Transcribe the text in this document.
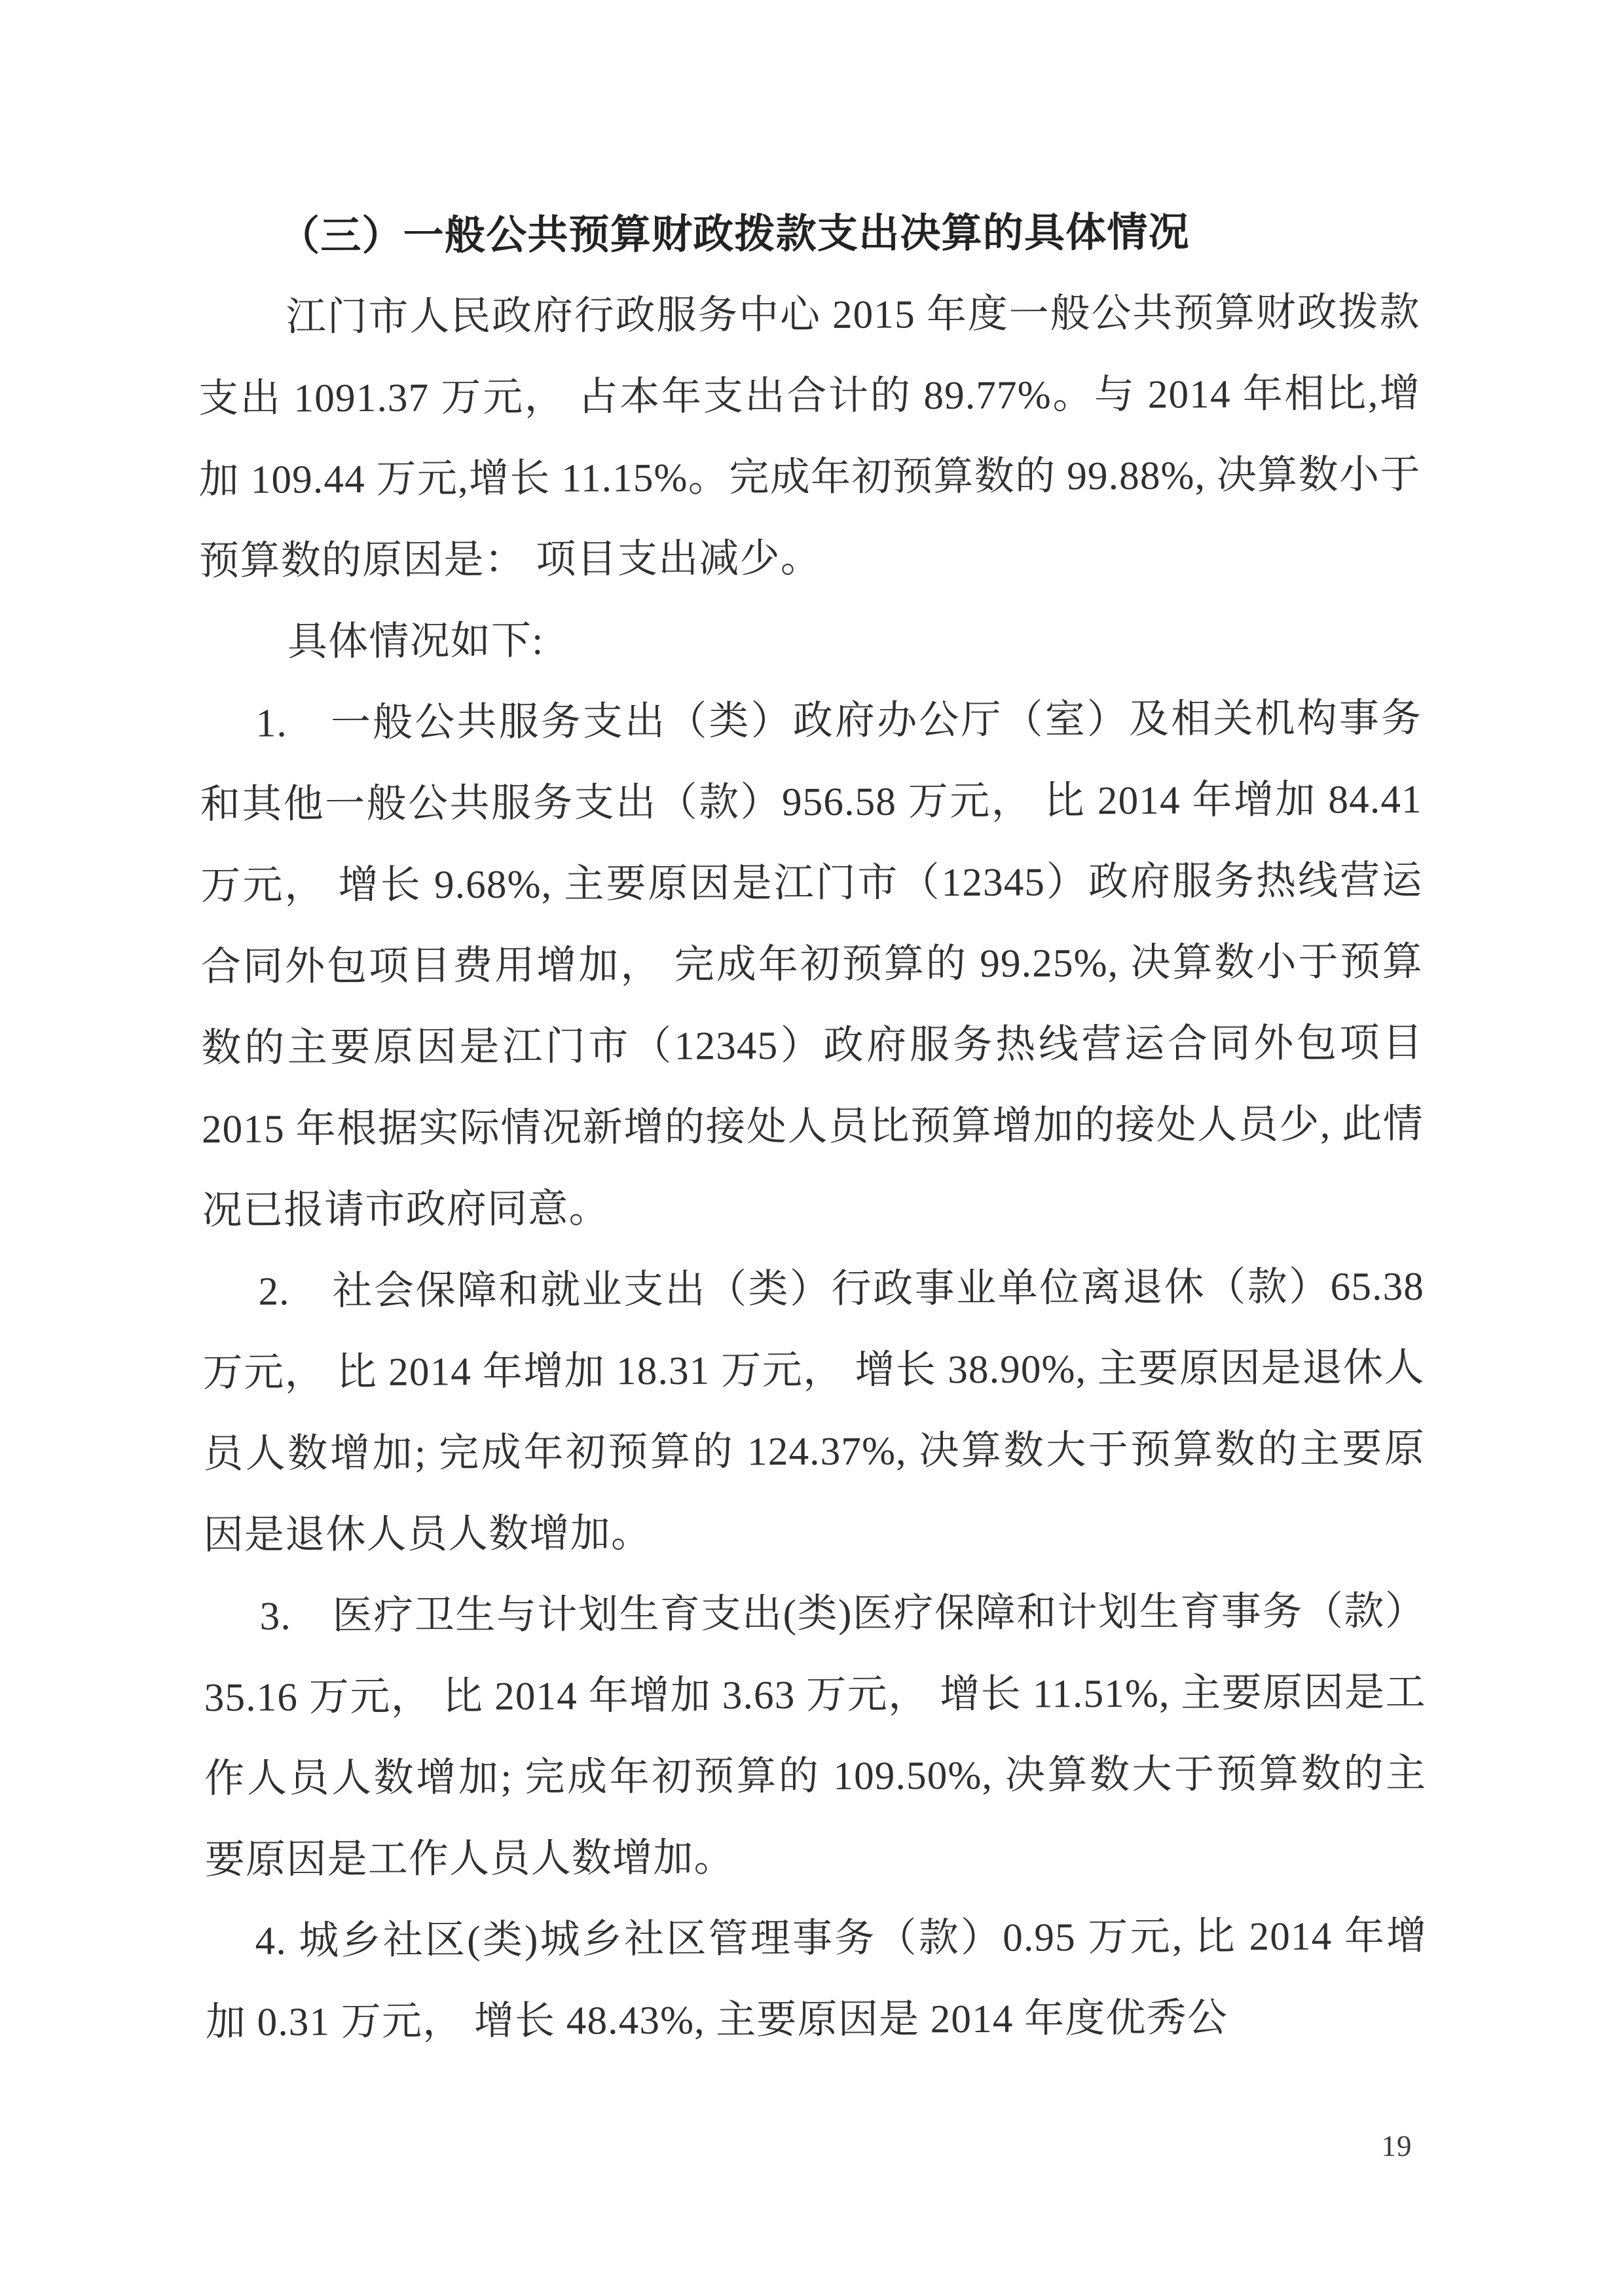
（三）一般公共预算财政拨款支出决算的具体情况

江门市人民政府行政服务中心 2015 年度一般公共预算财政拨款支出 1091.37 万元， 占本年支出合计的 89.77%。与 2014 年相比,增加 109.44 万元,增长 11.15%。完成年初预算数的 99.88%, 决算数小于预算数的原因是： 项目支出减少。

具体情况如下:

1.　一般公共服务支出（类）政府办公厅（室）及相关机构事务和其他一般公共服务支出（款）956.58 万元， 比 2014 年增加 84.41 万元， 增长 9.68%, 主要原因是江门市（12345）政府服务热线营运合同外包项目费用增加， 完成年初预算的 99.25%, 决算数小于预算数的主要原因是江门市（12345）政府服务热线营运合同外包项目 2015 年根据实际情况新增的接处人员比预算增加的接处人员少, 此情况已报请市政府同意。

2.　社会保障和就业支出（类）行政事业单位离退休（款）65.38 万元， 比 2014 年增加 18.31 万元， 增长 38.90%, 主要原因是退休人员人数增加; 完成年初预算的 124.37%, 决算数大于预算数的主要原因是退休人员人数增加。

3.　医疗卫生与计划生育支出(类)医疗保障和计划生育事务（款）35.16 万元， 比 2014 年增加 3.63 万元， 增长 11.51%, 主要原因是工作人员人数增加; 完成年初预算的 109.50%, 决算数大于预算数的主要原因是工作人员人数增加。

4. 城乡社区(类)城乡社区管理事务（款）0.95 万元, 比 2014 年增加 0.31 万元， 增长 48.43%, 主要原因是 2014 年度优秀公

19
